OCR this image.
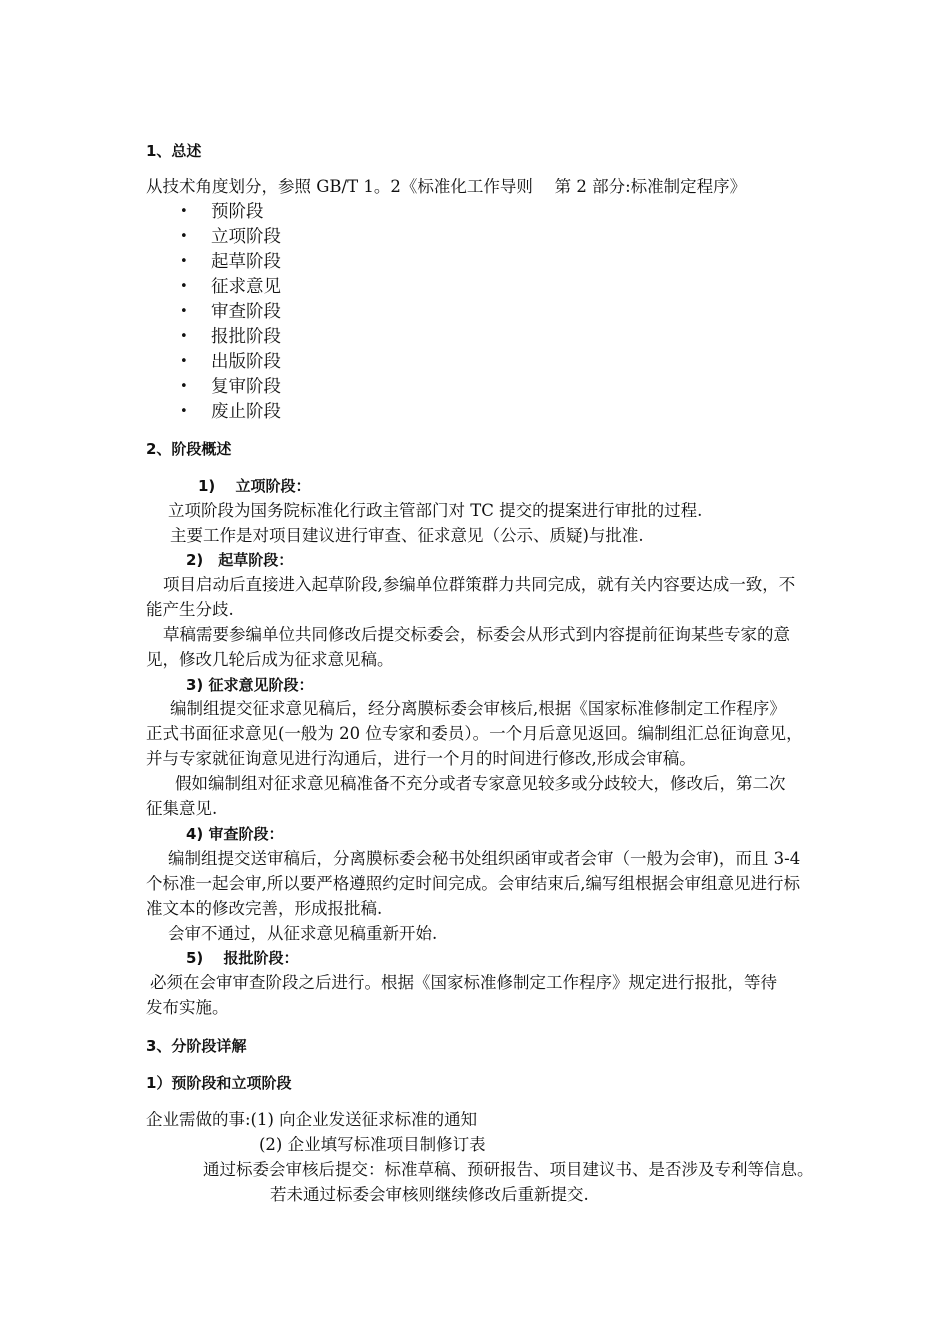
1、总述
从技术角度划分，参照 GB/T 1。2《标准化工作导则　 第 2 部分:标准制定程序》
• 预阶段
• 立项阶段
• 起草阶段
• 征求意见
• 审查阶段
• 报批阶段
• 出版阶段
• 复审阶段
• 废止阶段
2、阶段概述
1)　 立项阶段：
立项阶段为国务院标准化行政主管部门对 TC 提交的提案进行审批的过程.
主要工作是对项目建议进行审查、征求意见（公示、质疑)与批准.
2)　起草阶段：
项目启动后直接进入起草阶段,参编单位群策群力共同完成，就有关内容要达成一致，不
能产生分歧.
草稿需要参编单位共同修改后提交标委会，标委会从形式到内容提前征询某些专家的意
见，修改几轮后成为征求意见稿。
3) 征求意见阶段：
编制组提交征求意见稿后，经分离膜标委会审核后,根据《国家标准修制定工作程序》
正式书面征求意见(一般为 20 位专家和委员）。一个月后意见返回。编制组汇总征询意见，
并与专家就征询意见进行沟通后，进行一个月的时间进行修改,形成会审稿。
假如编制组对征求意见稿准备不充分或者专家意见较多或分歧较大，修改后，第二次
征集意见.
4) 审查阶段：
编制组提交送审稿后，分离膜标委会秘书处组织函审或者会审（一般为会审)，而且 3-4
个标准一起会审,所以要严格遵照约定时间完成。会审结束后,编写组根据会审组意见进行标
准文本的修改完善，形成报批稿.
会审不通过，从征求意见稿重新开始.
5)　 报批阶段：
必须在会审审查阶段之后进行。根据《国家标准修制定工作程序》规定进行报批，等待
发布实施。
3、分阶段详解
1）预阶段和立项阶段
企业需做的事:(1) 向企业发送征求标准的通知
(2) 企业填写标准项目制修订表
通过标委会审核后提交：标准草稿、预研报告、项目建议书、是否涉及专利等信息。
若未通过标委会审核则继续修改后重新提交.
